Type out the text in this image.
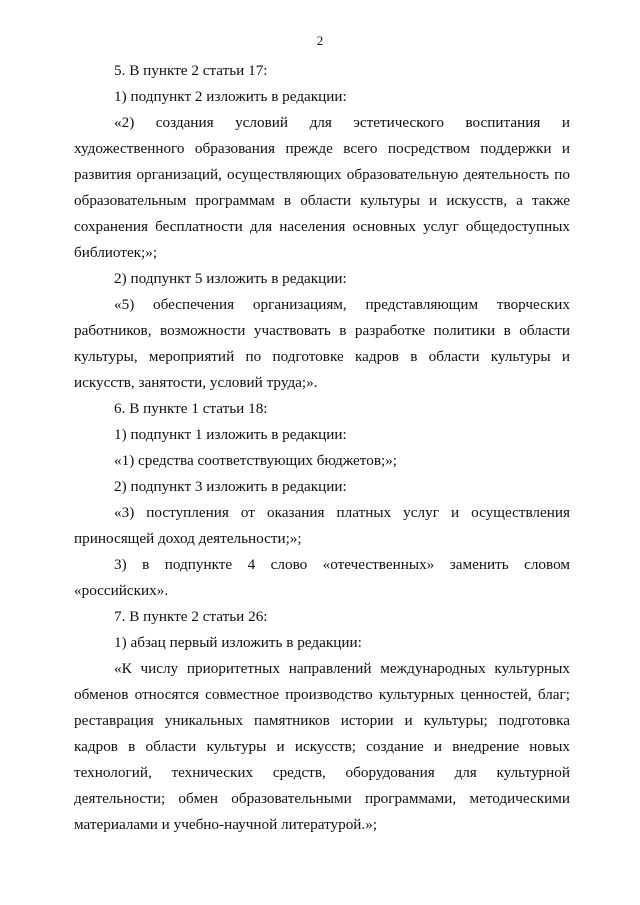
2

5. В пункте 2 статьи 17:

1) подпункт 2 изложить в редакции:

«2) создания условий для эстетического воспитания и художественного образования прежде всего посредством поддержки и развития организаций, осуществляющих образовательную деятельность по образовательным программам в области культуры и искусств, а также сохранения бесплатности для населения основных услуг общедоступных библиотек;»;

2) подпункт 5 изложить в редакции:

«5) обеспечения организациям, представляющим творческих работников, возможности участвовать в разработке политики в области культуры, мероприятий по подготовке кадров в области культуры и искусств, занятости, условий труда;».

6. В пункте 1 статьи 18:

1) подпункт 1 изложить в редакции:

«1) средства соответствующих бюджетов;»;

2) подпункт 3 изложить в редакции:

«3) поступления от оказания платных услуг и осуществления приносящей доход деятельности;»;

3) в подпункте 4 слово «отечественных» заменить словом «российских».

7. В пункте 2 статьи 26:

1) абзац первый изложить в редакции:

«К числу приоритетных направлений международных культурных обменов относятся совместное производство культурных ценностей, благ; реставрация уникальных памятников истории и культуры; подготовка кадров в области культуры и искусств; создание и внедрение новых технологий, технических средств, оборудования для культурной деятельности; обмен образовательными программами, методическими материалами и учебно-научной литературой.»;
